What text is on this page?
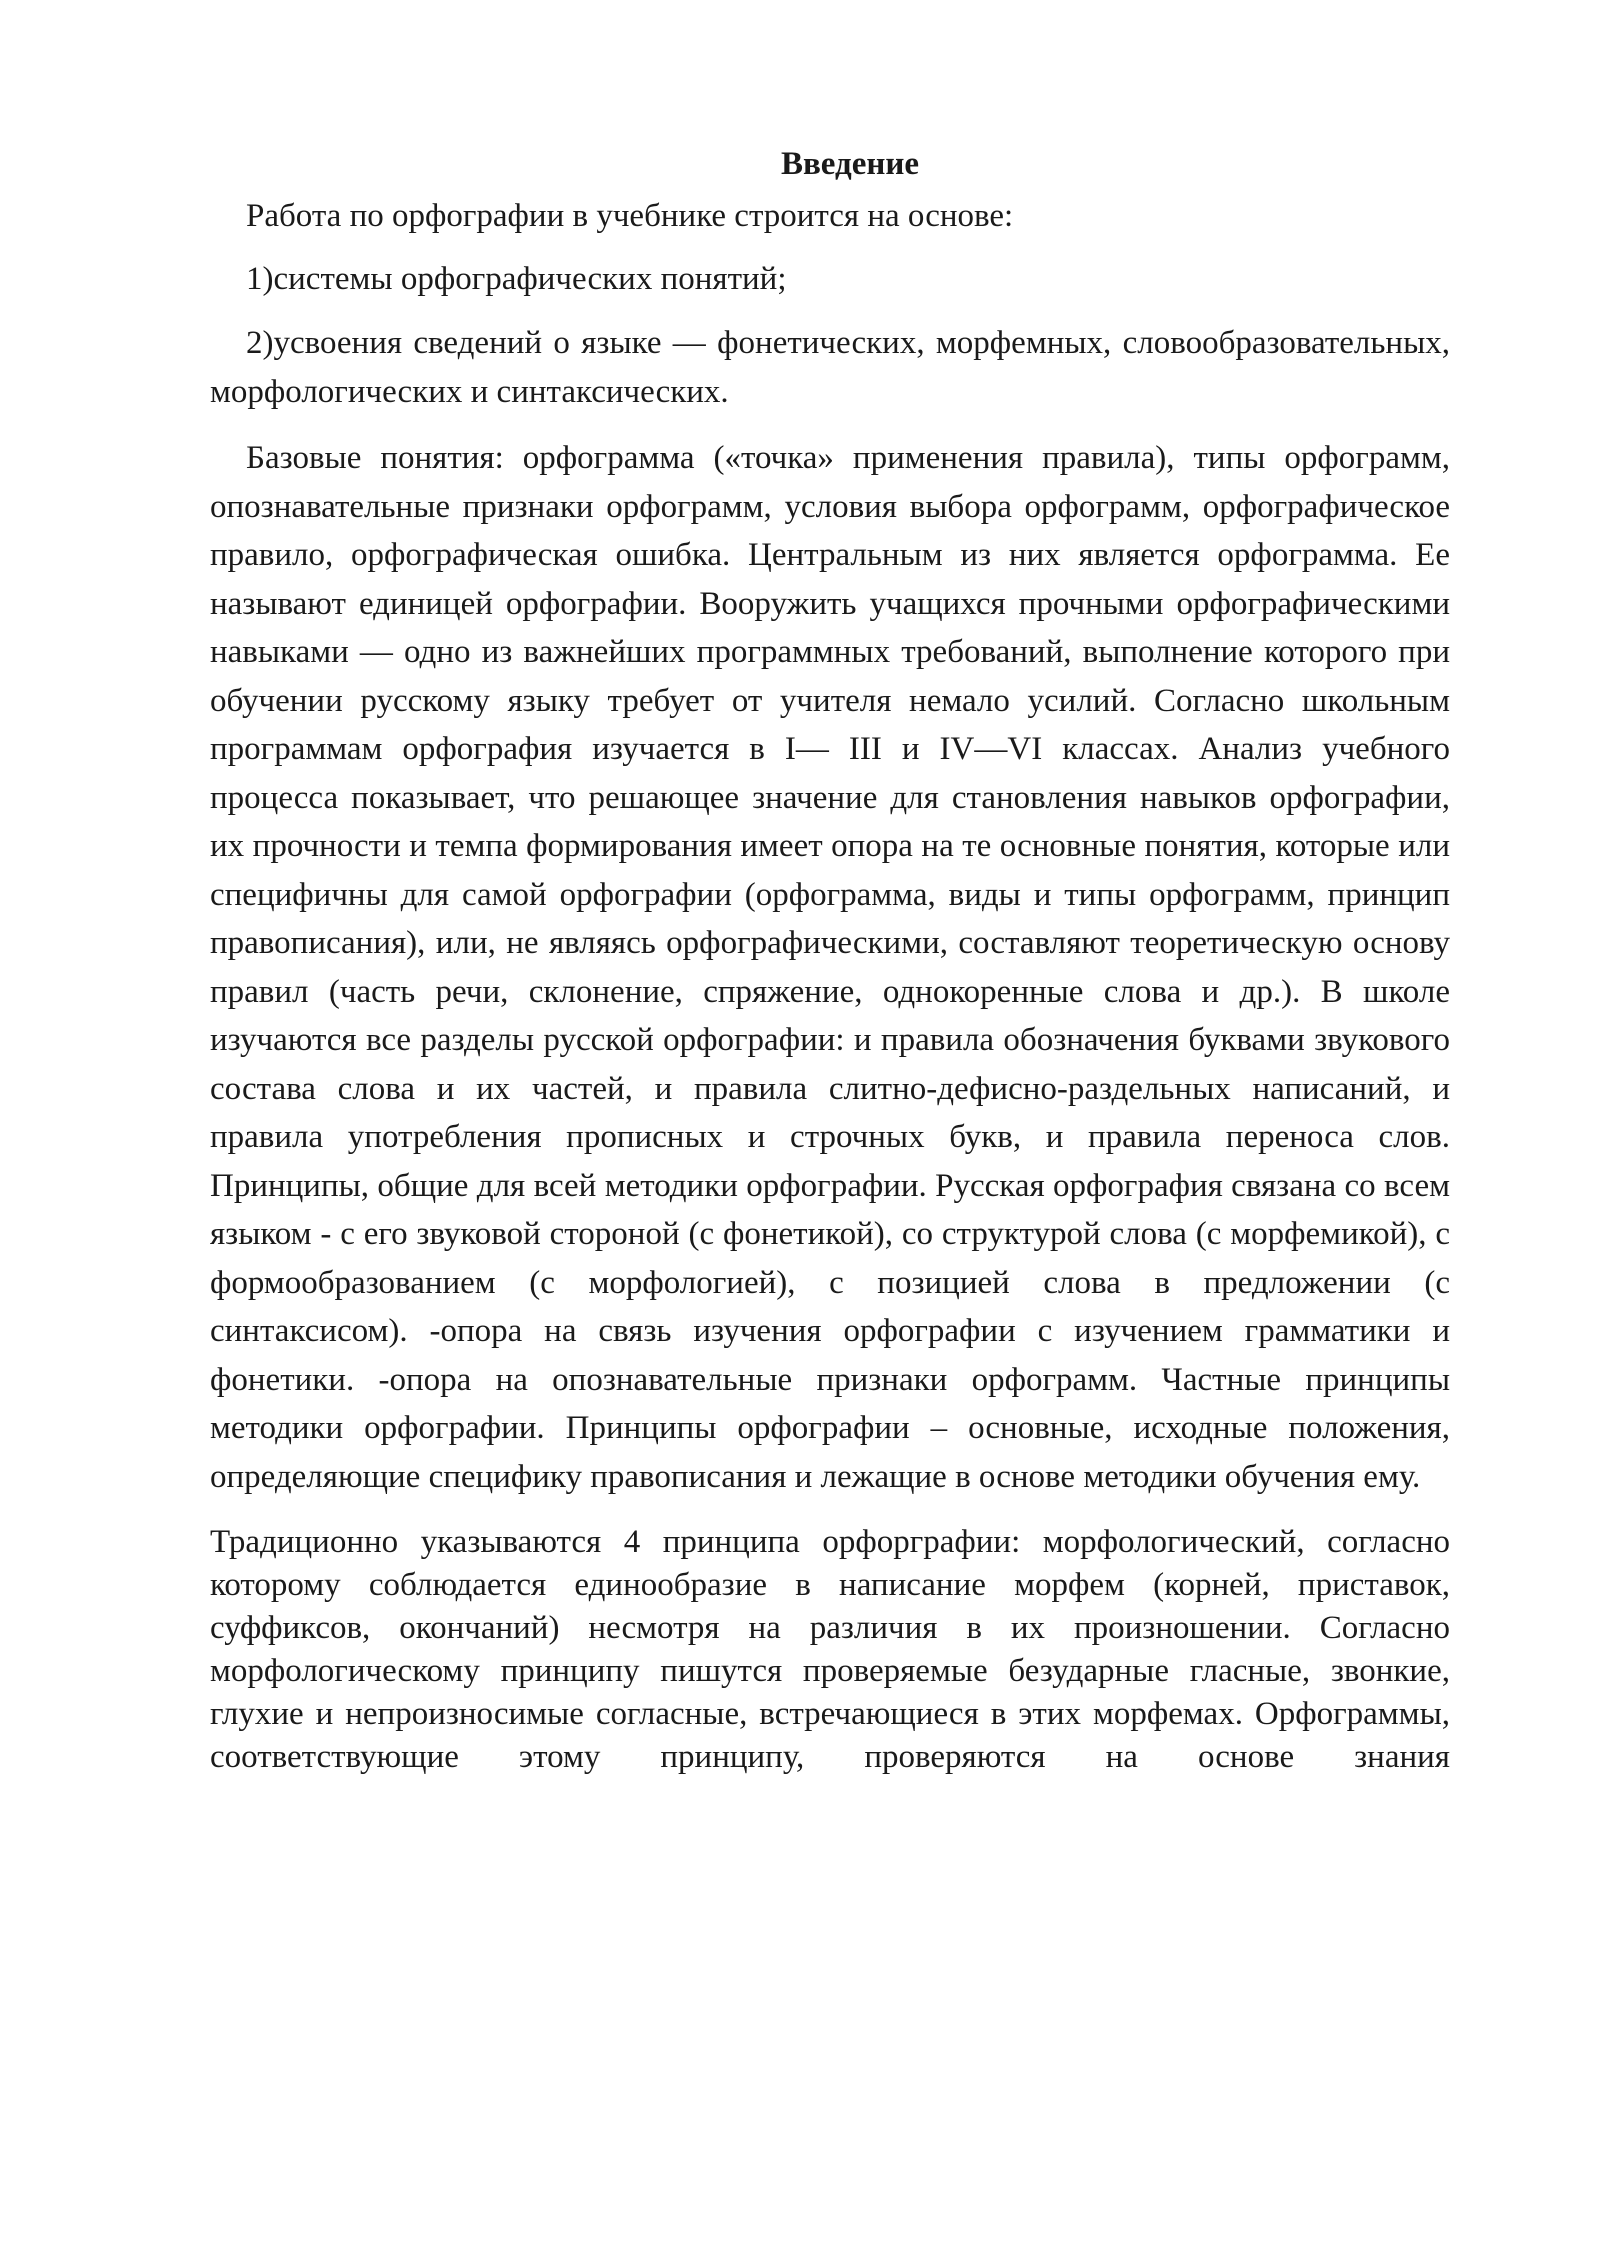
Введение

Работа по орфографии в учебнике строится на основе:

1)системы орфографических понятий;

2)усвоения сведений о языке — фонетических, морфемных, словообразовательных, морфологических и синтаксических.

Базовые понятия: орфограмма («точка» применения правила), типы орфограмм, опознавательные признаки орфограмм, условия выбора орфограмм, орфографическое правило, орфографическая ошибка. Центральным из них является орфограмма. Ее называют единицей орфографии. Вооружить учащихся прочными орфографическими навыками — одно из важнейших программных требований, выполнение которого при обучении русскому языку требует от учителя немало усилий. Согласно школьным программам орфография изучается в I— III и IV—VI классах. Анализ учебного процесса показывает, что решающее значение для становления навыков орфографии, их прочности и темпа формирования имеет опора на те основные понятия, которые или специфичны для самой орфографии (орфограмма, виды и типы орфограмм, принцип правописания), или, не являясь орфографическими, составляют теоретическую основу правил (часть речи, склонение, спряжение, однокоренные слова и др.). В школе изучаются все разделы русской орфографии: и правила обозначения буквами звукового состава слова и их частей, и правила слитно-дефисно-раздельных написаний, и правила употребления прописных и строчных букв, и правила переноса слов. Принципы, общие для всей методики орфографии. Русская орфография связана со всем языком - с его звуковой стороной (с фонетикой), со структурой слова (с морфемикой), с формообразованием (с морфологией), с позицией слова в предложении (с синтаксисом). -опора на связь изучения орфографии с изучением грамматики и фонетики. -опора на опознавательные признаки орфограмм. Частные принципы методики орфографии. Принципы орфографии – основные, исходные положения, определяющие специфику правописания и лежащие в основе методики обучения ему.

Традиционно указываются 4 принципа орфорграфии: морфологический, согласно которому соблюдается единообразие в написание морфем (корней, приставок, суффиксов, окончаний) несмотря на различия в их произношении. Согласно морфологическому принципу пишутся проверяемые безударные гласные, звонкие, глухие и непроизносимые согласные, встречающиеся в этих морфемах. Орфограммы, соответствующие этому принципу, проверяются на основе знания
